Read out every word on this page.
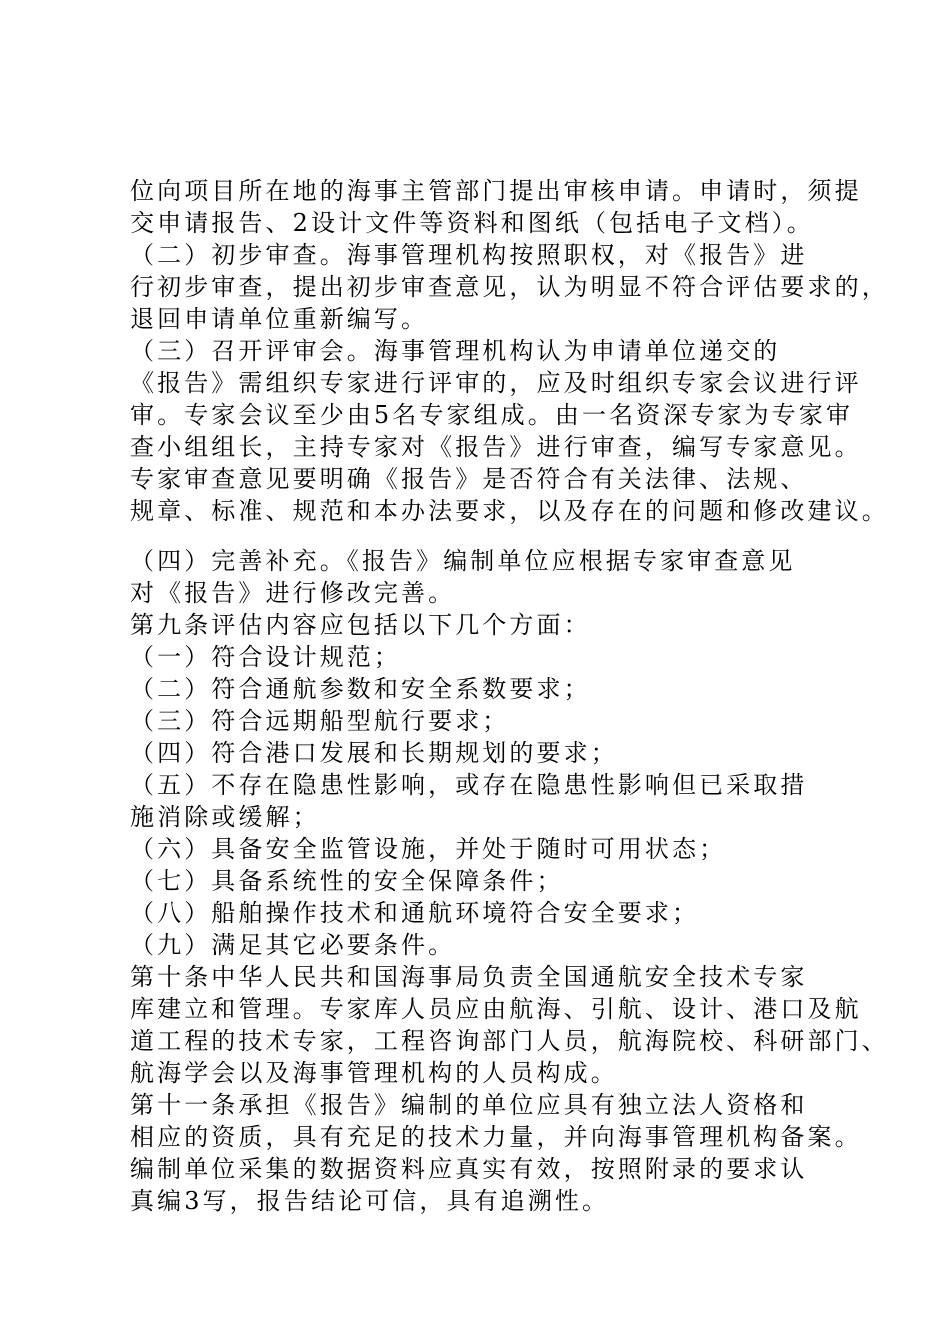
位向项目所在地的海事主管部门提出审核申请。申请时，须提
交申请报告、2设计文件等资料和图纸（包括电子文档）。
（二）初步审查。海事管理机构按照职权，对《报告》进
行初步审查，提出初步审查意见，认为明显不符合评估要求的，
退回申请单位重新编写。
（三）召开评审会。海事管理机构认为申请单位递交的
《报告》需组织专家进行评审的，应及时组织专家会议进行评
审。专家会议至少由5名专家组成。由一名资深专家为专家审
查小组组长，主持专家对《报告》进行审查，编写专家意见。
专家审查意见要明确《报告》是否符合有关法律、法规、
规章、标准、规范和本办法要求，以及存在的问题和修改建议。
（四）完善补充。《报告》编制单位应根据专家审查意见
对《报告》进行修改完善。
第九条评估内容应包括以下几个方面：
（一）符合设计规范；
（二）符合通航参数和安全系数要求；
（三）符合远期船型航行要求；
（四）符合港口发展和长期规划的要求；
（五）不存在隐患性影响，或存在隐患性影响但已采取措
施消除或缓解；
（六）具备安全监管设施，并处于随时可用状态；
（七）具备系统性的安全保障条件；
（八）船舶操作技术和通航环境符合安全要求；
（九）满足其它必要条件。
第十条中华人民共和国海事局负责全国通航安全技术专家
库建立和管理。专家库人员应由航海、引航、设计、港口及航
道工程的技术专家，工程咨询部门人员，航海院校、科研部门、
航海学会以及海事管理机构的人员构成。
第十一条承担《报告》编制的单位应具有独立法人资格和
相应的资质，具有充足的技术力量，并向海事管理机构备案。
编制单位采集的数据资料应真实有效，按照附录的要求认
真编3写，报告结论可信，具有追溯性。
